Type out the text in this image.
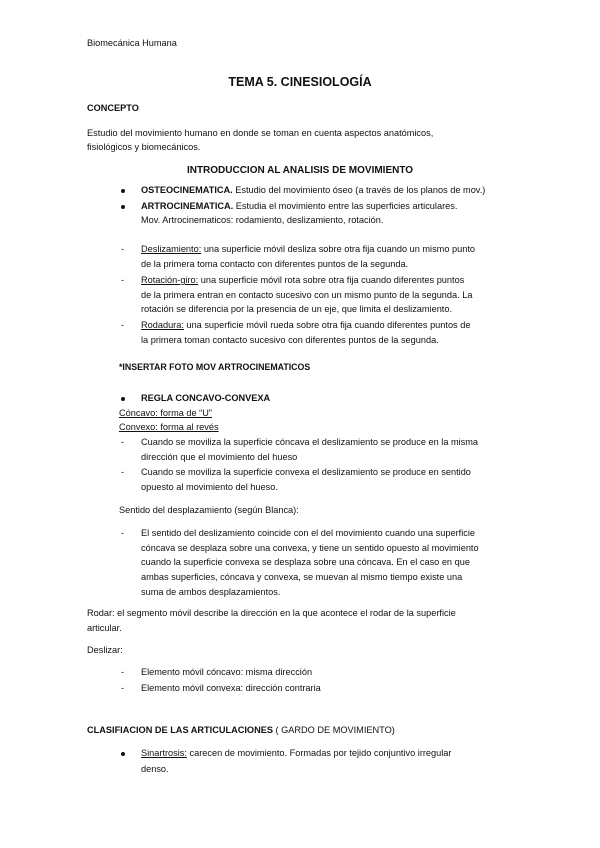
Biomecánica Humana
TEMA 5. CINESIOLOGÍA
CONCEPTO
Estudio del movimiento humano en donde se toman en cuenta aspectos anatómicos,
fisiológicos y biomecánicos.
INTRODUCCION AL ANALISIS DE MOVIMIENTO
OSTEOCINEMATICA. Estudio del movimiento óseo (a través de los planos de mov.)
ARTROCINEMATICA. Estudia el movimiento entre las superficies articulares.
Mov. Artrocinematicos: rodamiento, deslizamiento, rotación.
- Deslizamiento: una superficie móvil desliza sobre otra fija cuando un mismo punto
de la primera toma contacto con diferentes puntos de la segunda.
- Rotación-giro: una superficie móvil rota sobre otra fija cuando diferentes puntos
de la primera entran en contacto sucesivo con un mismo punto de la segunda. La
rotación se diferencia por la presencia de un eje, que limita el deslizamiento.
- Rodadura: una superficie móvil rueda sobre otra fija cuando diferentes puntos de
la primera toman contacto sucesivo con diferentes puntos de la segunda.
*INSERTAR FOTO MOV ARTROCINEMATICOS
REGLA CONCAVO-CONVEXA
Cóncavo: forma de “U”
Convexo: forma al revés
- Cuando se moviliza la superficie cóncava el deslizamiento se produce en la misma
dirección que el movimiento del hueso
- Cuando se moviliza la superficie convexa el deslizamiento se produce en sentido
opuesto al movimiento del hueso.
Sentido del desplazamiento (según Blanca):
- El sentido del deslizamiento coincide con el del movimiento cuando una superficie
cóncava se desplaza sobre una convexa, y tiene un sentido opuesto al movimiento
cuando la superficie convexa se desplaza sobre una cóncava. En el caso en que
ambas superficies, cóncava y convexa, se muevan al mismo tiempo existe una
suma de ambos desplazamientos.
Rodar: el segmento móvil describe la dirección en la que acontece el rodar de la superficie
articular.
Deslizar:
- Elemento móvil cóncavo: misma dirección
- Elemento móvil convexa: dirección contraria
CLASIFIACION DE LAS ARTICULACIONES ( GARDO DE MOVIMIENTO)
Sinartrosis: carecen de movimiento. Formadas por tejido conjuntivo irregular
denso.
